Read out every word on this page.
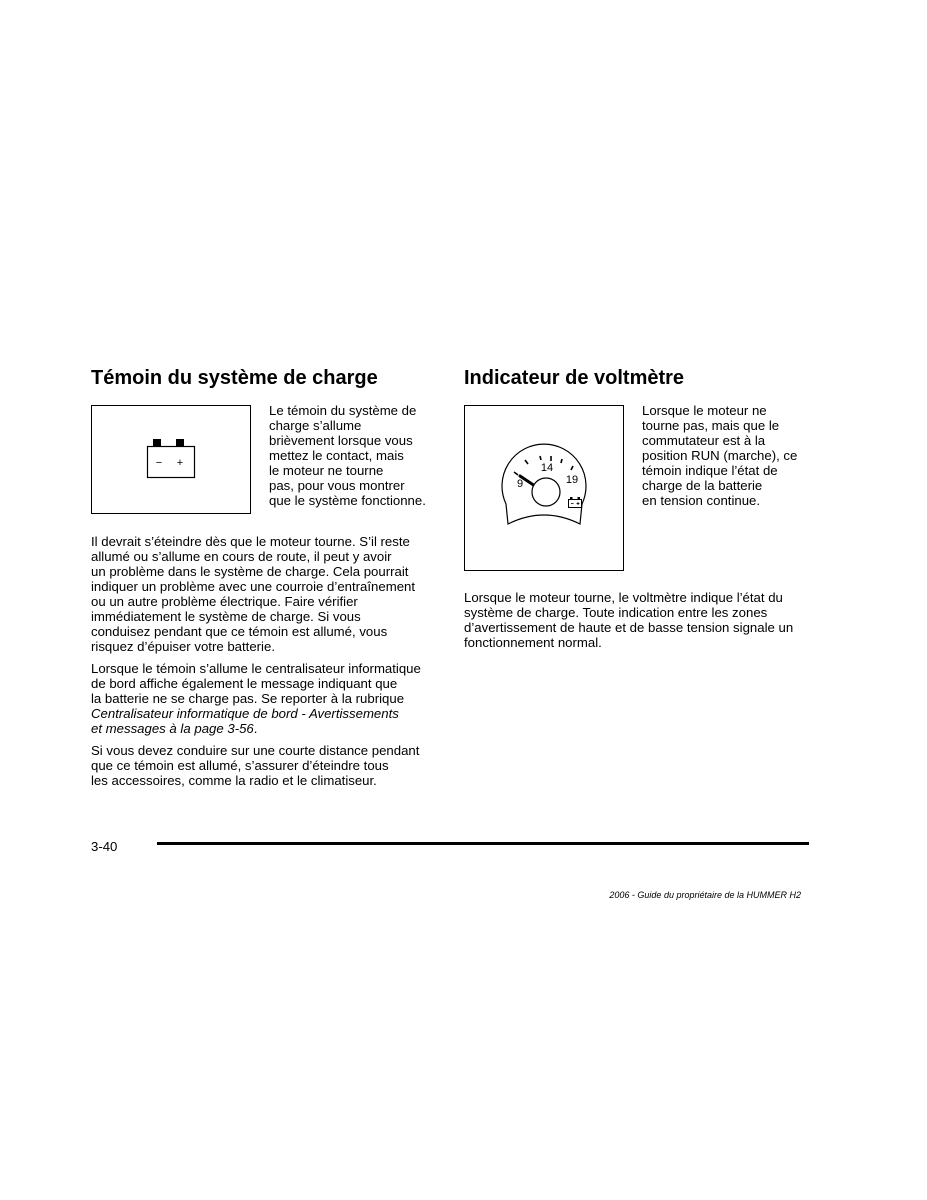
Témoin du système de charge
− +

Le témoin du système de
charge s’allume
brièvement lorsque vous
mettez le contact, mais
le moteur ne tourne
pas, pour vous montrer
que le système fonctionne.

Il devrait s’éteindre dès que le moteur tourne. S’il reste
allumé ou s’allume en cours de route, il peut y avoir
un problème dans le système de charge. Cela pourrait
indiquer un problème avec une courroie d’entraînement
ou un autre problème électrique. Faire vérifier
immédiatement le système de charge. Si vous
conduisez pendant que ce témoin est allumé, vous
risquez d’épuiser votre batterie.

Lorsque le témoin s’allume le centralisateur informatique
de bord affiche également le message indiquant que
la batterie ne se charge pas. Se reporter à la rubrique
Centralisateur informatique de bord - Avertissements
et messages à la page 3-56.

Si vous devez conduire sur une courte distance pendant
que ce témoin est allumé, s’assurer d’éteindre tous
les accessoires, comme la radio et le climatiseur.

Indicateur de voltmètre
14
9	19

Lorsque le moteur ne
tourne pas, mais que le
commutateur est à la
position RUN (marche), ce
témoin indique l’état de
charge de la batterie
en tension continue.

Lorsque le moteur tourne, le voltmètre indique l’état du
système de charge. Toute indication entre les zones
d’avertissement de haute et de basse tension signale un
fonctionnement normal.

3-40
2006 - Guide du propriétaire de la HUMMER H2
